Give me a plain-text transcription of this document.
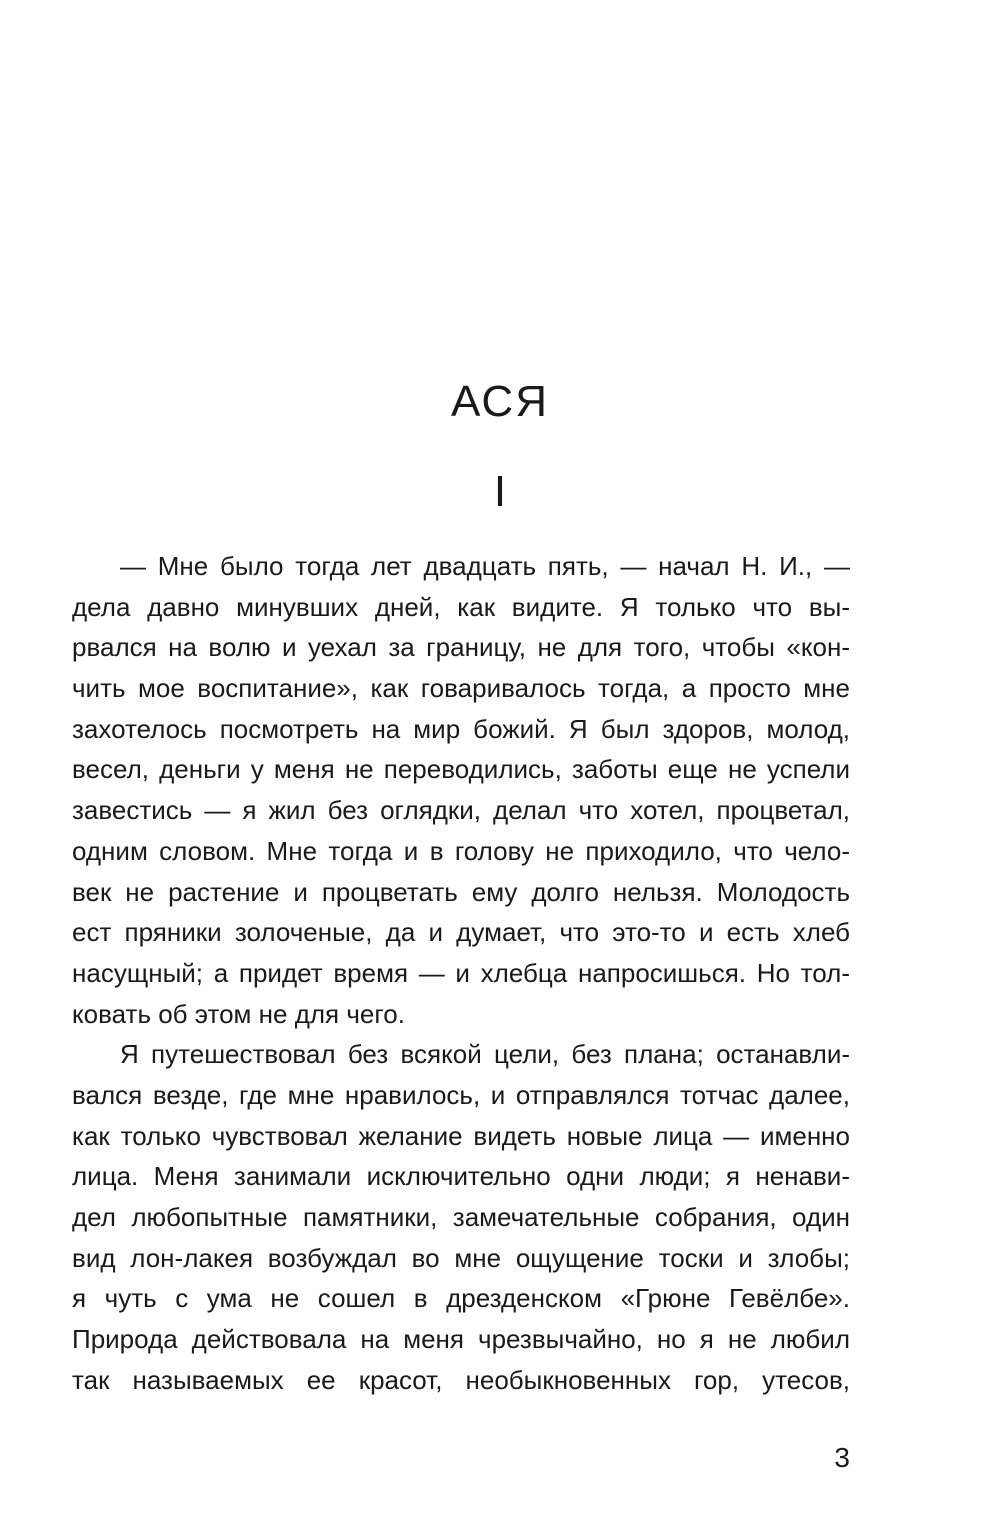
АСЯ
I
— Мне было тогда лет двадцать пять, — начал Н. И., —
дела давно минувших дней, как видите. Я только что вы-
рвался на волю и уехал за границу, не для того, чтобы «кон-
чить мое воспитание», как говаривалось тогда, а просто мне
захотелось посмотреть на мир божий. Я был здоров, молод,
весел, деньги у меня не переводились, заботы еще не успели
завестись — я жил без оглядки, делал что хотел, процветал,
одним словом. Мне тогда и в голову не приходило, что чело-
век не растение и процветать ему долго нельзя. Молодость
ест пряники золоченые, да и думает, что это-то и есть хлеб
насущный; а придет время — и хлебца напросишься. Но тол-
ковать об этом не для чего.
Я путешествовал без всякой цели, без плана; останавли-
вался везде, где мне нравилось, и отправлялся тотчас далее,
как только чувствовал желание видеть новые лица — именно
лица. Меня занимали исключительно одни люди; я ненави-
дел любопытные памятники, замечательные собрания, один
вид лон-лакея возбуждал во мне ощущение тоски и злобы;
я чуть с ума не сошел в дрезденском «Грюне Гевёлбе».
Природа действовала на меня чрезвычайно, но я не любил
так называемых ее красот, необыкновенных гор, утесов,
3
